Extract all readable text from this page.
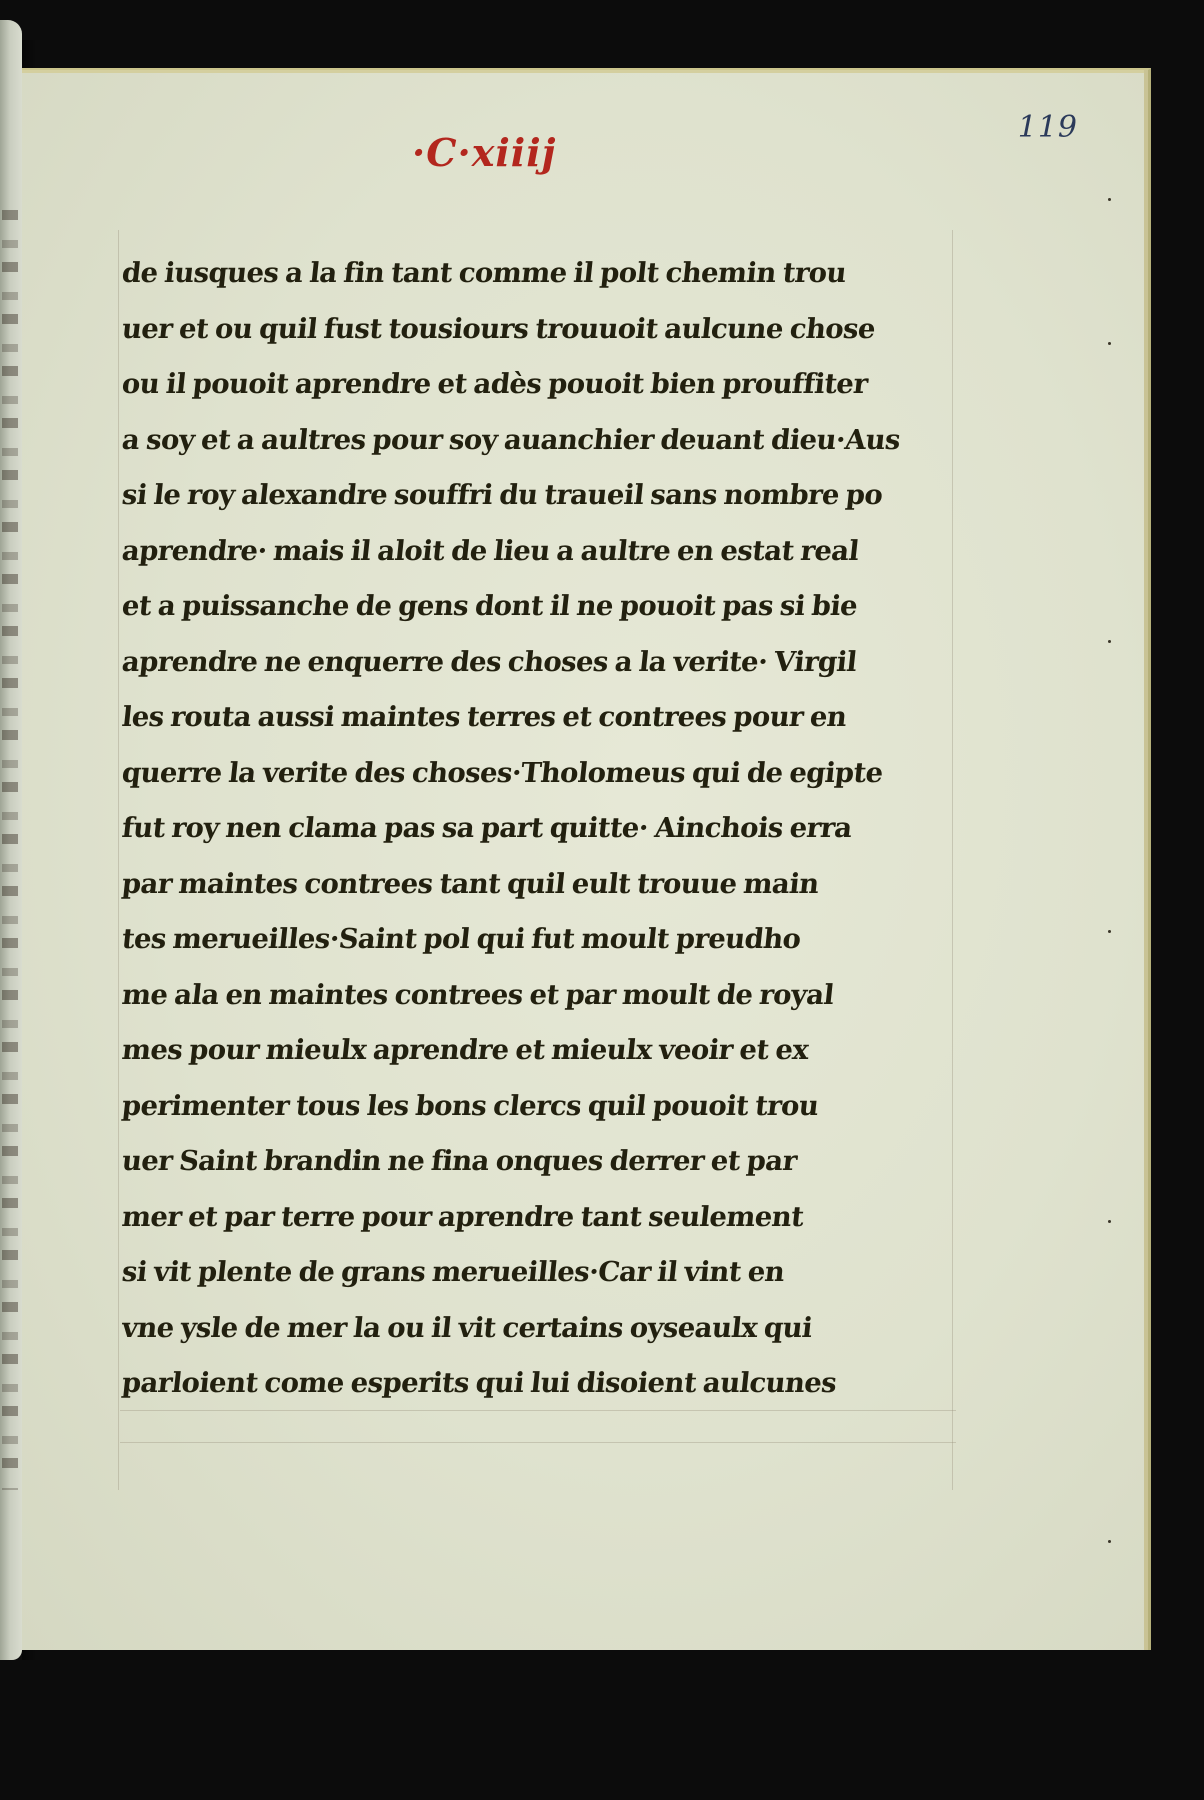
119
·C·xiiij
de iusques a la fin tant comme il polt chemin trou
uer et ou quil fust tousiours trouuoit aulcune chose
ou il pouoit aprendre et adès pouoit bien prouffiter
a soy et a aultres pour soy auanchier deuant dieu·Aus
si le roy alexandre souffri du traueil sans nombre po
aprendre· mais il aloit de lieu a aultre en estat real
et a puissanche de gens dont il ne pouoit pas si bie
aprendre ne enquerre des choses a la verite· Virgil
les routa aussi maintes terres et contrees pour en
querre la verite des choses·Tholomeus qui de egipte
fut roy nen clama pas sa part quitte· Ainchois erra
par maintes contrees tant quil eult trouue main
tes merueilles·Saint pol qui fut moult preudho
me ala en maintes contrees et par moult de royal
mes pour mieulx aprendre et mieulx veoir et ex
perimenter tous les bons clercs quil pouoit trou
uer Saint brandin ne fina onques derrer et par
mer et par terre pour aprendre tant seulement
si vit plente de grans merueilles·Car il vint en
vne ysle de mer la ou il vit certains oyseaulx qui
parloient come esperits qui lui disoient aulcunes
